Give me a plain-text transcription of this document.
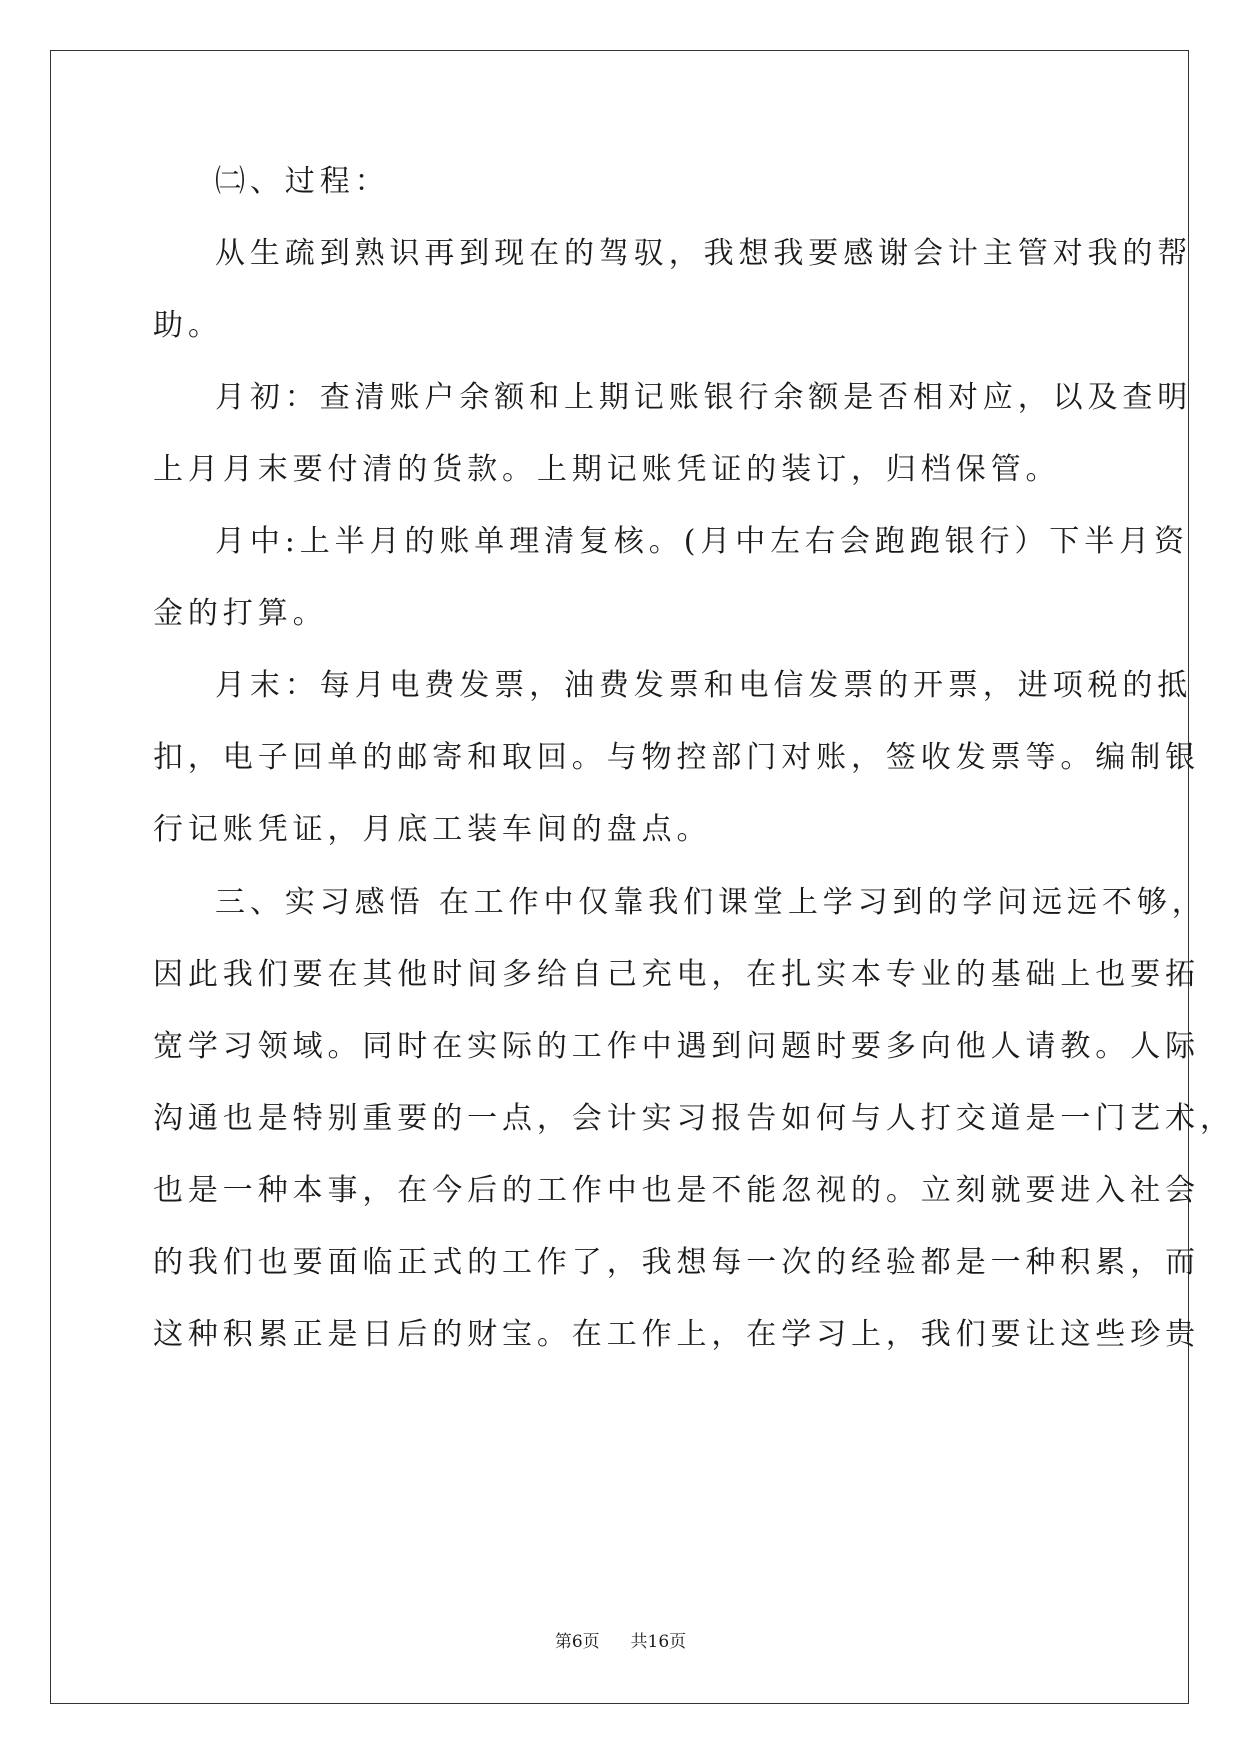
㈡、过程：
从生疏到熟识再到现在的驾驭，我想我要感谢会计主管对我的帮
助。
月初：查清账户余额和上期记账银行余额是否相对应，以及查明
上月月末要付清的货款。上期记账凭证的装订，归档保管。
月中:上半月的账单理清复核。(月中左右会跑跑银行）下半月资
金的打算。
月末：每月电费发票，油费发票和电信发票的开票，进项税的抵
扣，电子回单的邮寄和取回。与物控部门对账，签收发票等。编制银
行记账凭证，月底工装车间的盘点。
三、实习感悟 在工作中仅靠我们课堂上学习到的学问远远不够，
因此我们要在其他时间多给自己充电，在扎实本专业的基础上也要拓
宽学习领域。同时在实际的工作中遇到问题时要多向他人请教。人际
沟通也是特别重要的一点，会计实习报告如何与人打交道是一门艺术，
也是一种本事，在今后的工作中也是不能忽视的。立刻就要进入社会
的我们也要面临正式的工作了，我想每一次的经验都是一种积累，而
这种积累正是日后的财宝。在工作上，在学习上，我们要让这些珍贵
第6页 共16页
